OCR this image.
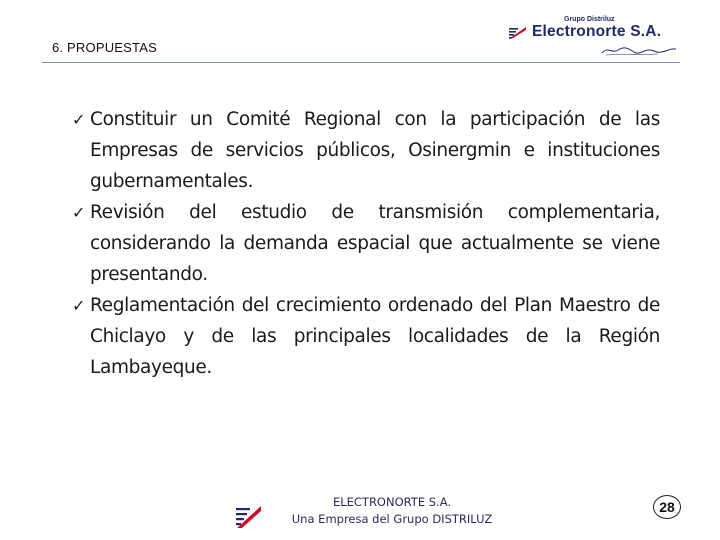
6. PROPUESTAS
Grupo Distriluz
Electronorte S.A.
✓ Constituir un Comité Regional con la participación de las Empresas de servicios públicos, Osinergmin e instituciones gubernamentales.
✓ Revisión del estudio de transmisión complementaria, considerando la demanda espacial que actualmente se viene presentando.
✓ Reglamentación del crecimiento ordenado del Plan Maestro de Chiclayo y de las principales localidades de la Región Lambayeque.
ELECTRONORTE S.A.
Una Empresa del Grupo DISTRILUZ
28
